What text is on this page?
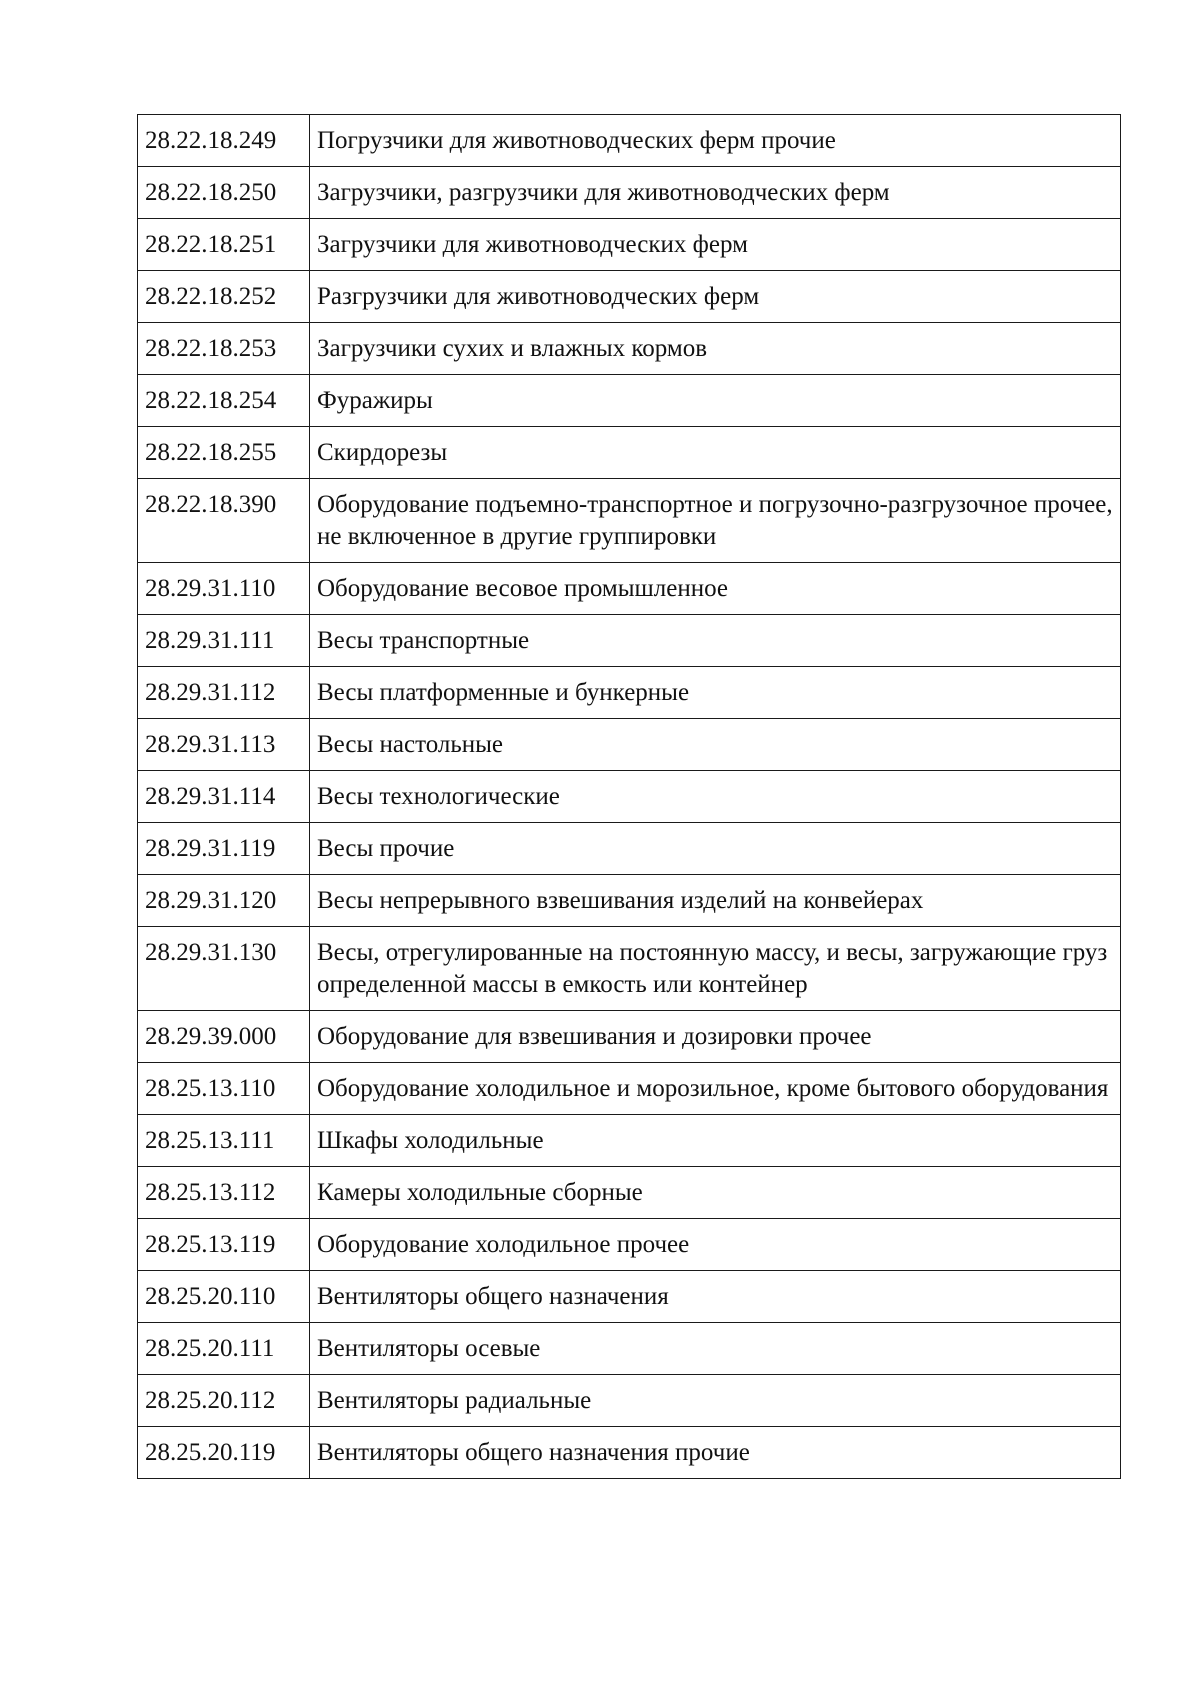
28.22.18.249	Погрузчики для животноводческих ферм прочие
28.22.18.250	Загрузчики, разгрузчики для животноводческих ферм
28.22.18.251	Загрузчики для животноводческих ферм
28.22.18.252	Разгрузчики для животноводческих ферм
28.22.18.253	Загрузчики сухих и влажных кормов
28.22.18.254	Фуражиры
28.22.18.255	Скирдорезы
28.22.18.390	Оборудование подъемно-транспортное и погрузочно-разгрузочное прочее, не включенное в другие группировки
28.29.31.110	Оборудование весовое промышленное
28.29.31.111	Весы транспортные
28.29.31.112	Весы платформенные и бункерные
28.29.31.113	Весы настольные
28.29.31.114	Весы технологические
28.29.31.119	Весы прочие
28.29.31.120	Весы непрерывного взвешивания изделий на конвейерах
28.29.31.130	Весы, отрегулированные на постоянную массу, и весы, загружающие груз определенной массы в емкость или контейнер
28.29.39.000	Оборудование для взвешивания и дозировки прочее
28.25.13.110	Оборудование холодильное и морозильное, кроме бытового оборудования
28.25.13.111	Шкафы холодильные
28.25.13.112	Камеры холодильные сборные
28.25.13.119	Оборудование холодильное прочее
28.25.20.110	Вентиляторы общего назначения
28.25.20.111	Вентиляторы осевые
28.25.20.112	Вентиляторы радиальные
28.25.20.119	Вентиляторы общего назначения прочие
